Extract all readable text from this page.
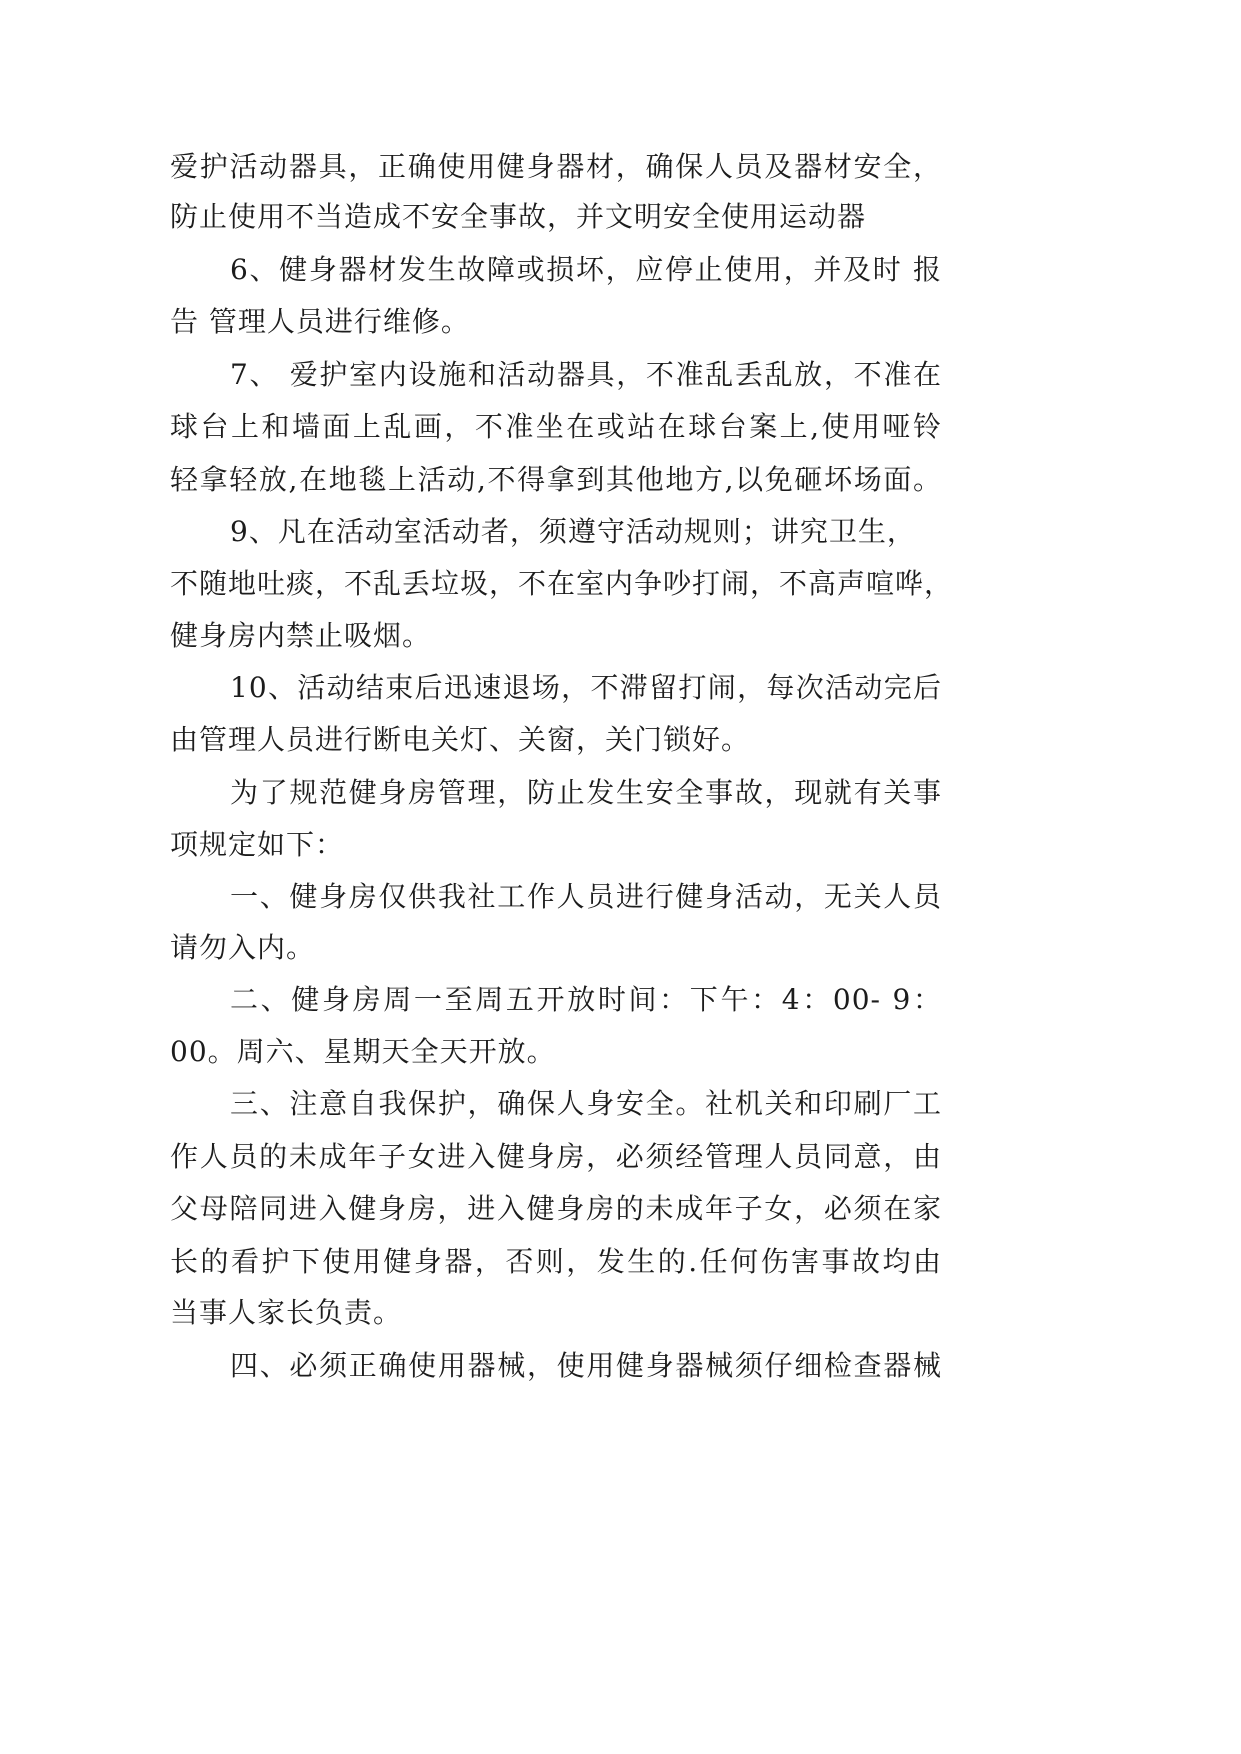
爱护活动器具，正确使用健身器材，确保人员及器材安全，
防止使用不当造成不安全事故，并文明安全使用运动器
6、健身器材发生故障或损坏，应停止使用，并及时 报
告 管理人员进行维修。
7、 爱护室内设施和活动器具，不准乱丢乱放，不准在
球台上和墙面上乱画，不准坐在或站在球台案上,使用哑铃
轻拿轻放,在地毯上活动,不得拿到其他地方,以免砸坏场面。
9、凡在活动室活动者，须遵守活动规则；讲究卫生，
不随地吐痰，不乱丢垃圾，不在室内争吵打闹，不高声喧哗，
健身房内禁止吸烟。
10、活动结束后迅速退场，不滞留打闹，每次活动完后
由管理人员进行断电关灯、关窗，关门锁好。
为了规范健身房管理，防止发生安全事故，现就有关事
项规定如下：
一、健身房仅供我社工作人员进行健身活动，无关人员
请勿入内。
二、健身房周一至周五开放时间：下午：4：00- 9：
00。周六、星期天全天开放。
三、注意自我保护，确保人身安全。社机关和印刷厂工
作人员的未成年子女进入健身房，必须经管理人员同意，由
父母陪同进入健身房，进入健身房的未成年子女，必须在家
长的看护下使用健身器，否则，发生的.任何伤害事故均由
当事人家长负责。
四、必须正确使用器械，使用健身器械须仔细检查器械
